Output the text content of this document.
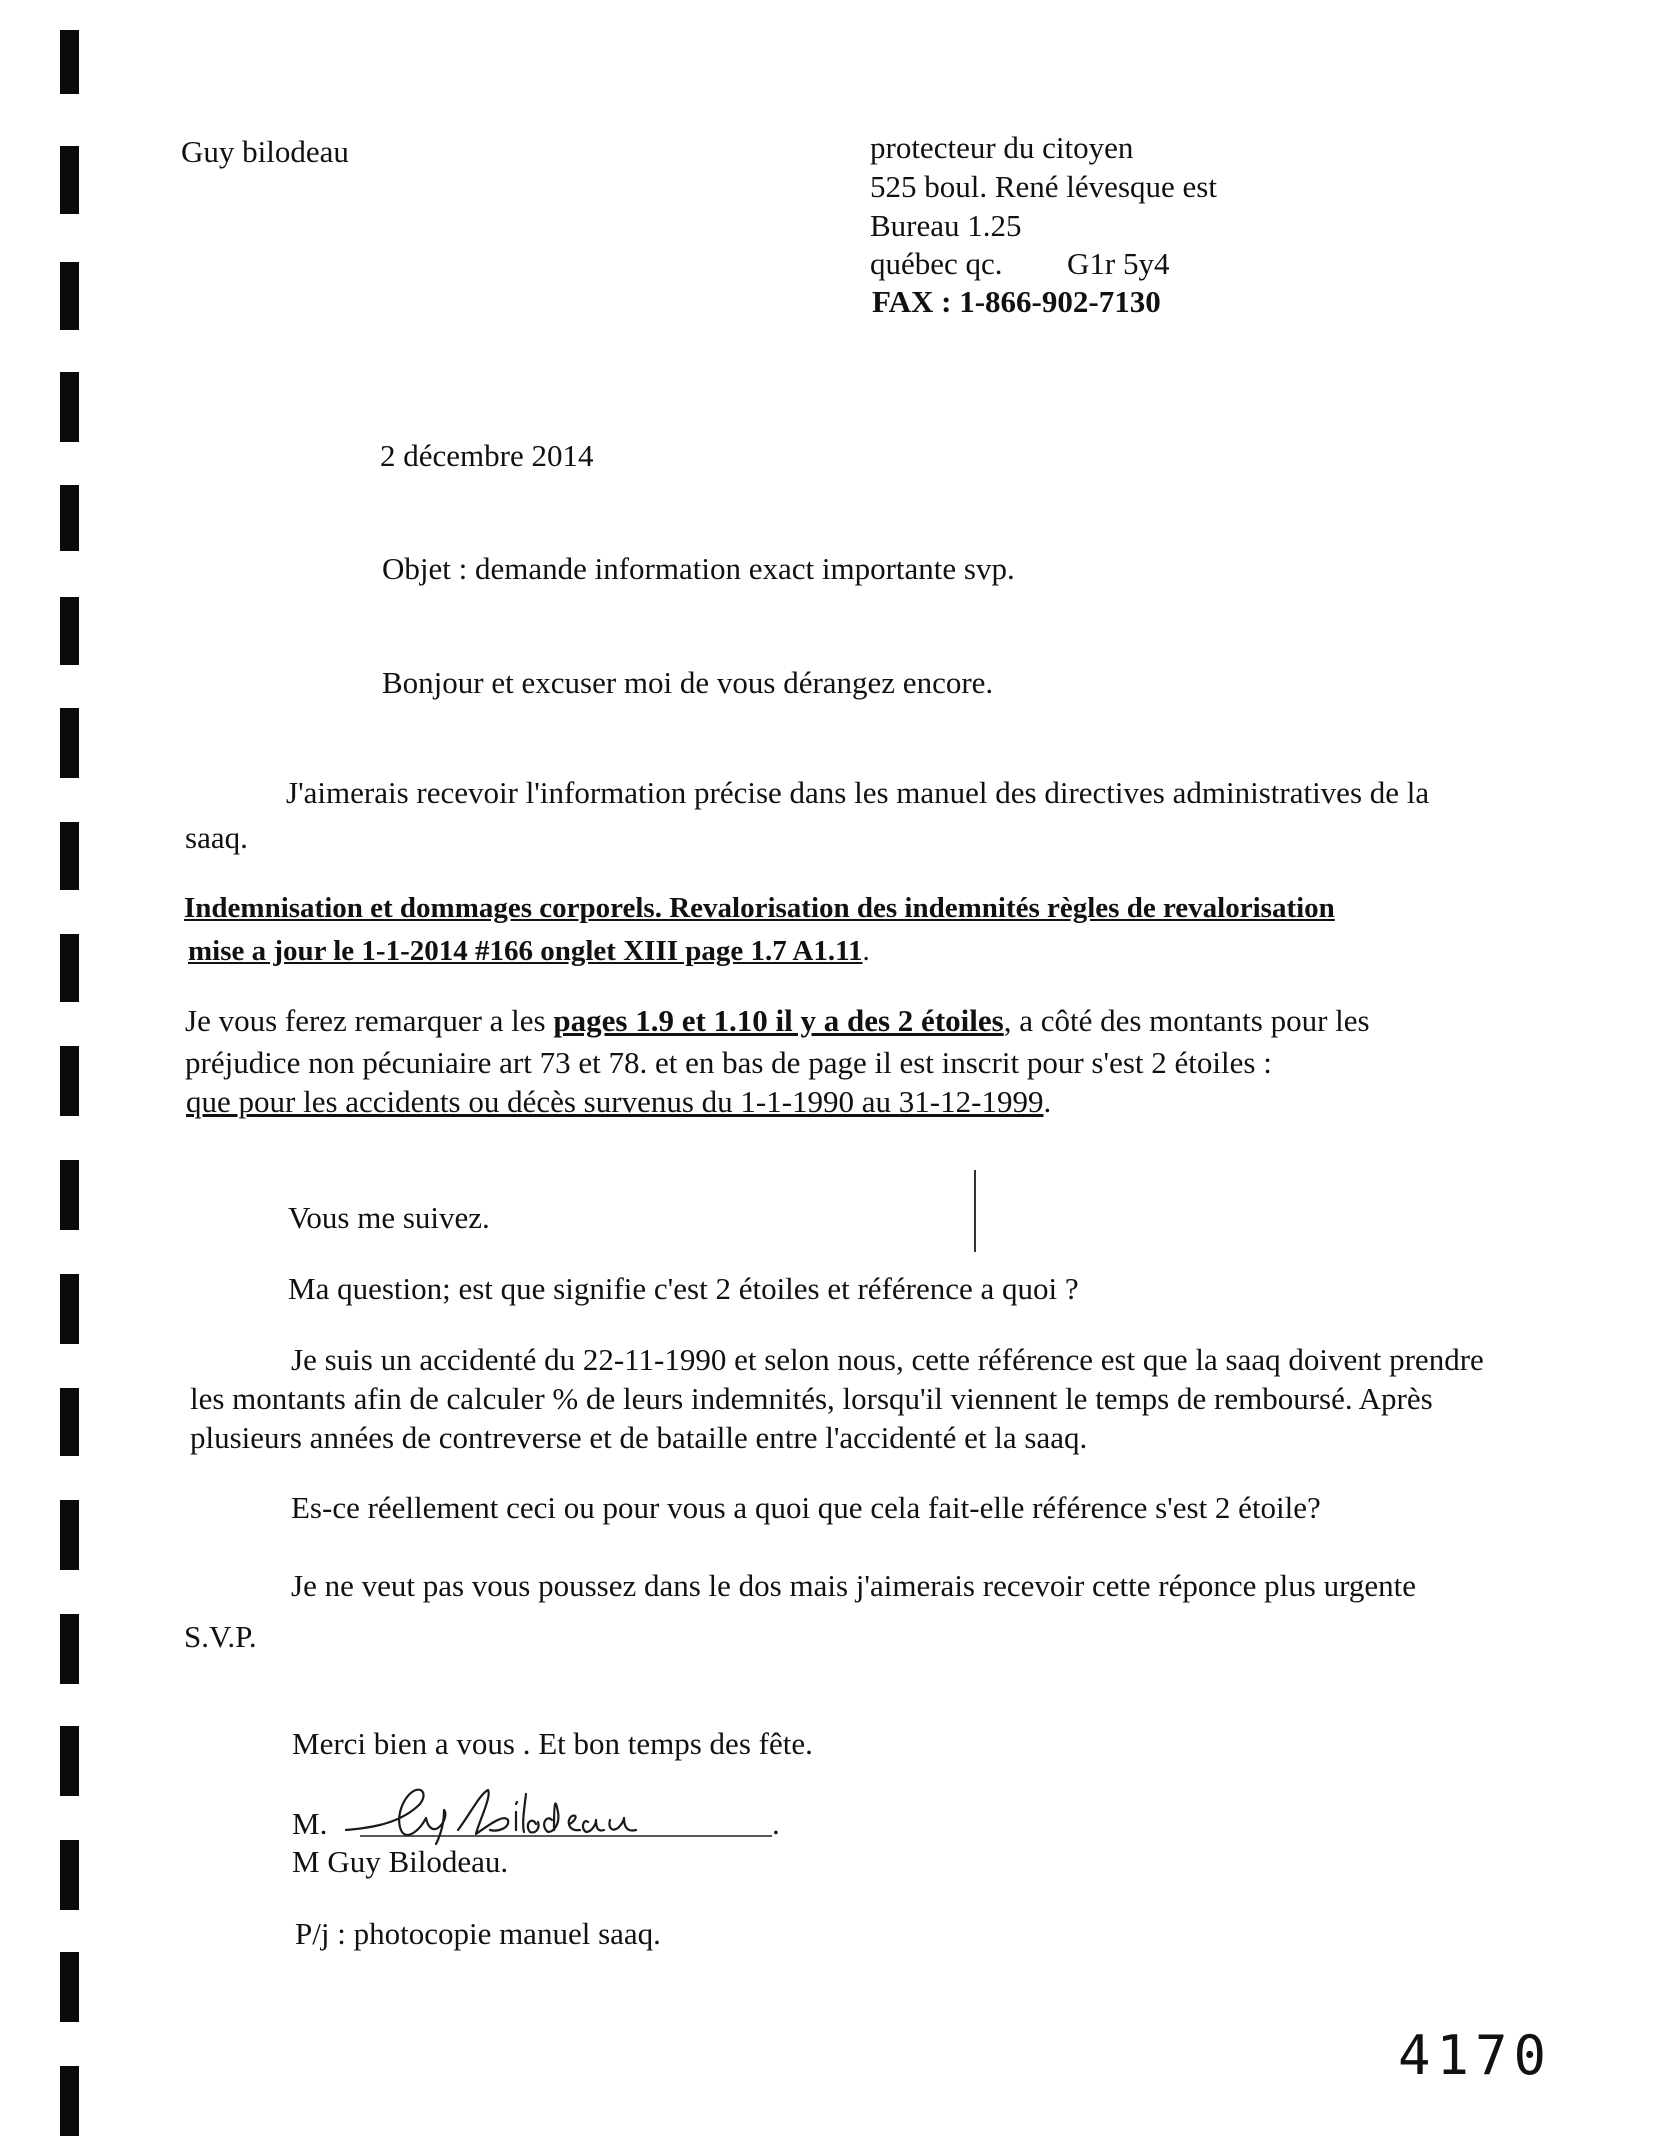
Guy bilodeau	protecteur du citoyen
525 boul. René lévesque est
Bureau 1.25
québec qc. G1r 5y4
FAX : 1-866-902-7130
2 décembre 2014
Objet : demande information exact importante svp.
Bonjour et excuser moi de vous dérangez encore.
J'aimerais recevoir l'information précise dans les manuel des directives administratives de la
saaq.
Indemnisation et dommages corporels. Revalorisation des indemnités règles de revalorisation
mise a jour le 1-1-2014 #166 onglet XIII page 1.7 A1.11.
Je vous ferez remarquer a les pages 1.9 et 1.10 il y a des 2 étoiles, a côté des montants pour les
préjudice non pécuniaire art 73 et 78. et en bas de page il est inscrit pour s'est 2 étoiles :
que pour les accidents ou décès survenus du 1-1-1990 au 31-12-1999.
Vous me suivez.
Ma question; est que signifie c'est 2 étoiles et référence a quoi ?
Je suis un accidenté du 22-11-1990 et selon nous, cette référence est que la saaq doivent prendre
les montants afin de calculer % de leurs indemnités, lorsqu'il viennent le temps de remboursé. Après
plusieurs années de contreverse et de bataille entre l'accidenté et la saaq.
Es-ce réellement ceci ou pour vous a quoi que cela fait-elle référence s'est 2 étoile?
Je ne veut pas vous poussez dans le dos mais j'aimerais recevoir cette réponce plus urgente
S.V.P.
Merci bien a vous . Et bon temps des fête.
M.	.
M Guy Bilodeau.
P/j : photocopie manuel saaq.
4170
